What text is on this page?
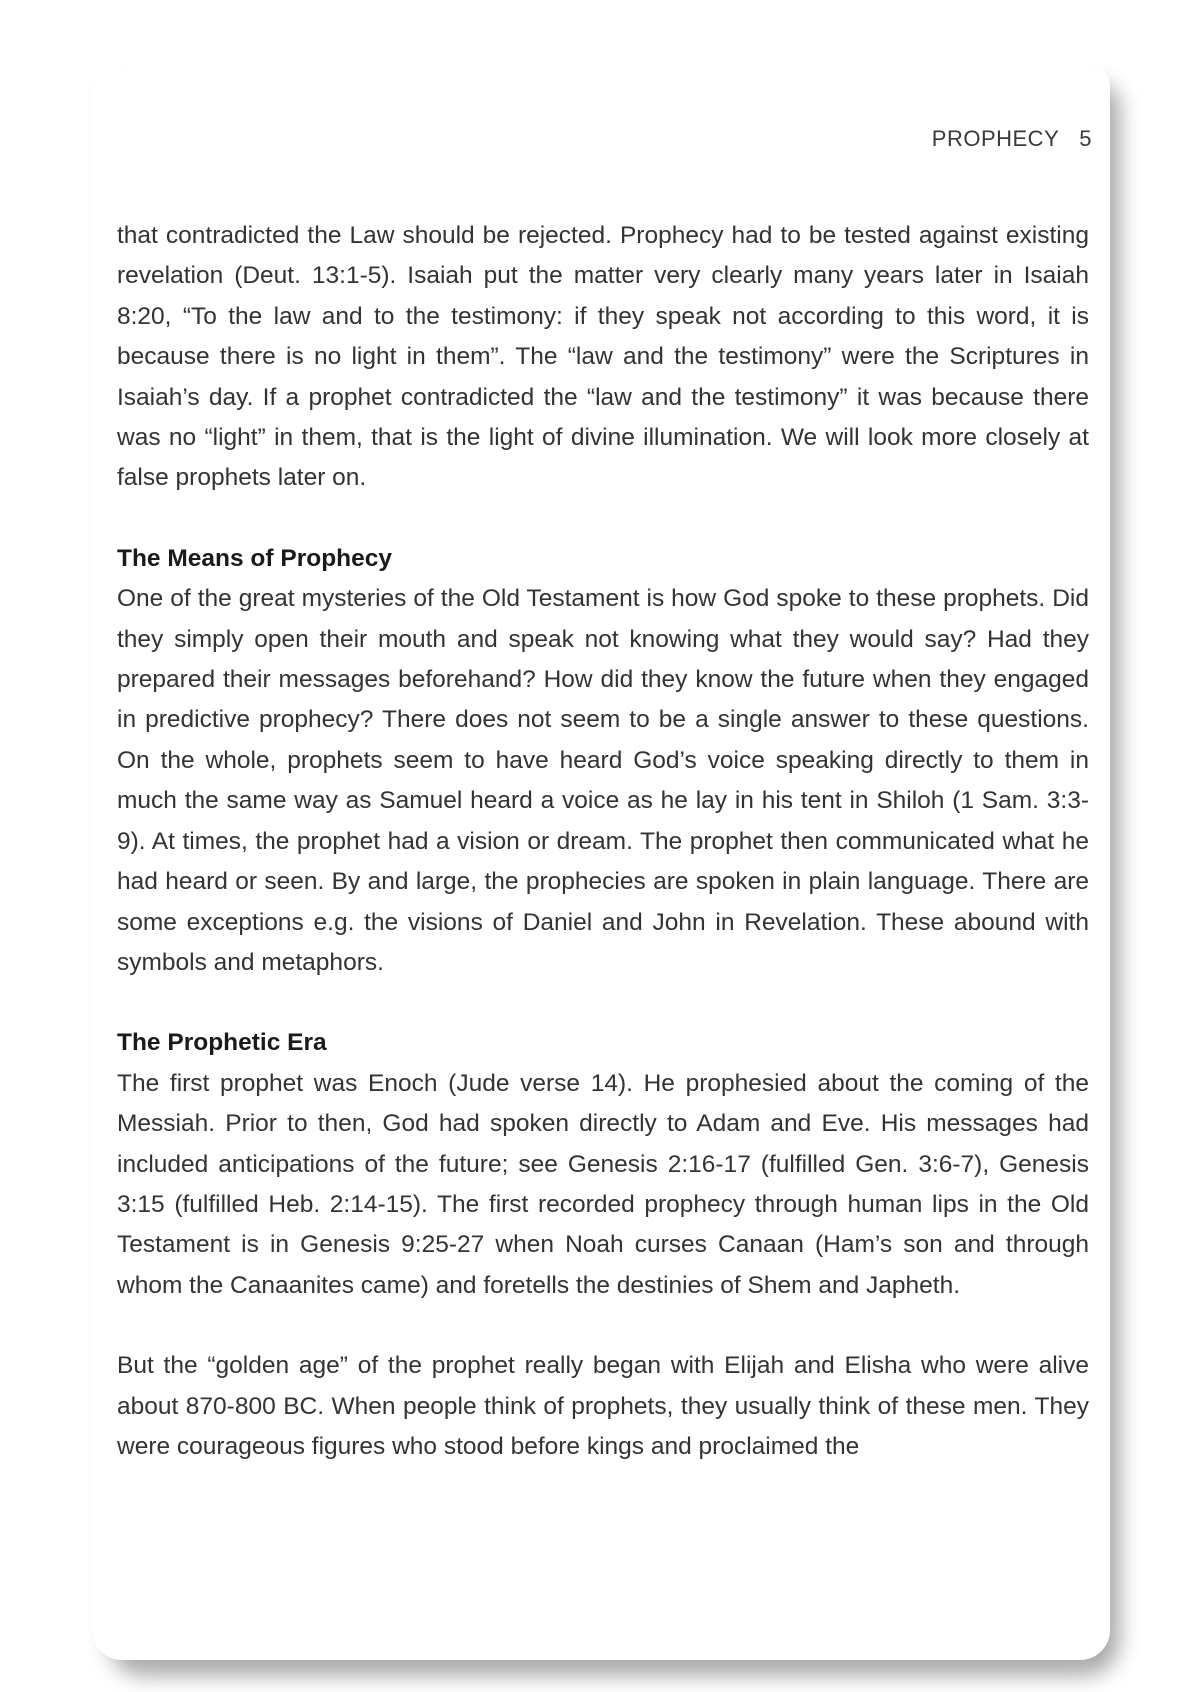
PROPHECY 5

that contradicted the Law should be rejected. Prophecy had to be tested against existing revelation (Deut. 13:1-5). Isaiah put the matter very clearly many years later in Isaiah 8:20, “To the law and to the testimony: if they speak not according to this word, it is because there is no light in them”. The “law and the testimony” were the Scriptures in Isaiah’s day. If a prophet contradicted the “law and the testimony” it was because there was no “light” in them, that is the light of divine illumination. We will look more closely at false prophets later on.

The Means of Prophecy

One of the great mysteries of the Old Testament is how God spoke to these prophets. Did they simply open their mouth and speak not knowing what they would say? Had they prepared their messages beforehand? How did they know the future when they engaged in predictive prophecy? There does not seem to be a single answer to these questions. On the whole, prophets seem to have heard God’s voice speaking directly to them in much the same way as Samuel heard a voice as he lay in his tent in Shiloh (1 Sam. 3:3-9). At times, the prophet had a vision or dream. The prophet then communicated what he had heard or seen. By and large, the prophecies are spoken in plain language. There are some exceptions e.g. the visions of Daniel and John in Revelation. These abound with symbols and metaphors.

The Prophetic Era

The first prophet was Enoch (Jude verse 14). He prophesied about the coming of the Messiah. Prior to then, God had spoken directly to Adam and Eve. His messages had included anticipations of the future; see Genesis 2:16-17 (fulfilled Gen. 3:6-7), Genesis 3:15 (fulfilled Heb. 2:14-15). The first recorded prophecy through human lips in the Old Testament is in Genesis 9:25-27 when Noah curses Canaan (Ham’s son and through whom the Canaanites came) and foretells the destinies of Shem and Japheth.

But the “golden age” of the prophet really began with Elijah and Elisha who were alive about 870-800 BC. When people think of prophets, they usually think of these men. They were courageous figures who stood before kings and proclaimed the
